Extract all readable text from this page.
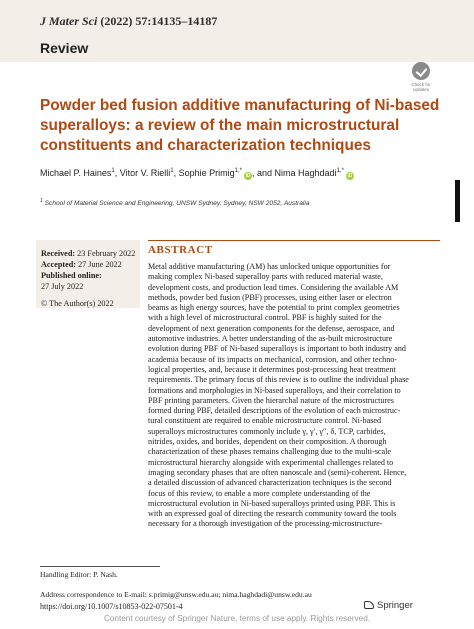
J Mater Sci (2022) 57:14135–14187
Review
Check for updates
Powder bed fusion additive manufacturing of Ni-based
superalloys: a review of the main microstructural
constituents and characterization techniques
Michael P. Haines$^1$, Vitor V. Rielli$^1$, Sophie Primig$^{1,*}$iD , and Nima Haghdadi$^{1,*}$iD
$^1$ School of Material Science and Engineering, UNSW Sydney, Sydney, NSW 2052, Australia
Received: 23 February 2022
Accepted: 27 June 2022
Published online:
27 July 2022
© The Author(s) 2022
ABSTRACT
Metal additive manufacturing (AM) has unlocked unique opportunities for
making complex Ni-based superalloy parts with reduced material waste,
development costs, and production lead times. Considering the available AM
methods, powder bed fusion (PBF) processes, using either laser or electron
beams as high energy sources, have the potential to print complex geometries
with a high level of microstructural control. PBF is highly suited for the
development of next generation components for the defense, aerospace, and
automotive industries. A better understanding of the as-built microstructure
evolution during PBF of Ni-based superalloys is important to both industry and
academia because of its impacts on mechanical, corrosion, and other techno-
logical properties, and, because it determines post-processing heat treatment
requirements. The primary focus of this review is to outline the individual phase
formations and morphologies in Ni-based superalloys, and their correlation to
PBF printing parameters. Given the hierarchal nature of the microstructures
formed during PBF, detailed descriptions of the evolution of each microstruc-
tural constituent are required to enable microstructure control. Ni-based
superalloys microstructures commonly include γ, γ′, γ″, δ, TCP, carbides,
nitrides, oxides, and borides, dependent on their composition. A thorough
characterization of these phases remains challenging due to the multi-scale
microstructural hierarchy alongside with experimental challenges related to
imaging secondary phases that are often nanoscale and (semi)-coherent. Hence,
a detailed discussion of advanced characterization techniques is the second
focus of this review, to enable a more complete understanding of the
microstructural evolution in Ni-based superalloys printed using PBF. This is
with an expressed goal of directing the research community toward the tools
necessary for a thorough investigation of the processing-microstructure-
Handling Editor: P. Nash.
Address correspondence to E-mail: s.primig@unsw.edu.au; nima.haghdadi@unsw.edu.au
https://doi.org/10.1007/s10853-022-07501-4	Springer
Content courtesy of Springer Nature, terms of use apply. Rights reserved.
